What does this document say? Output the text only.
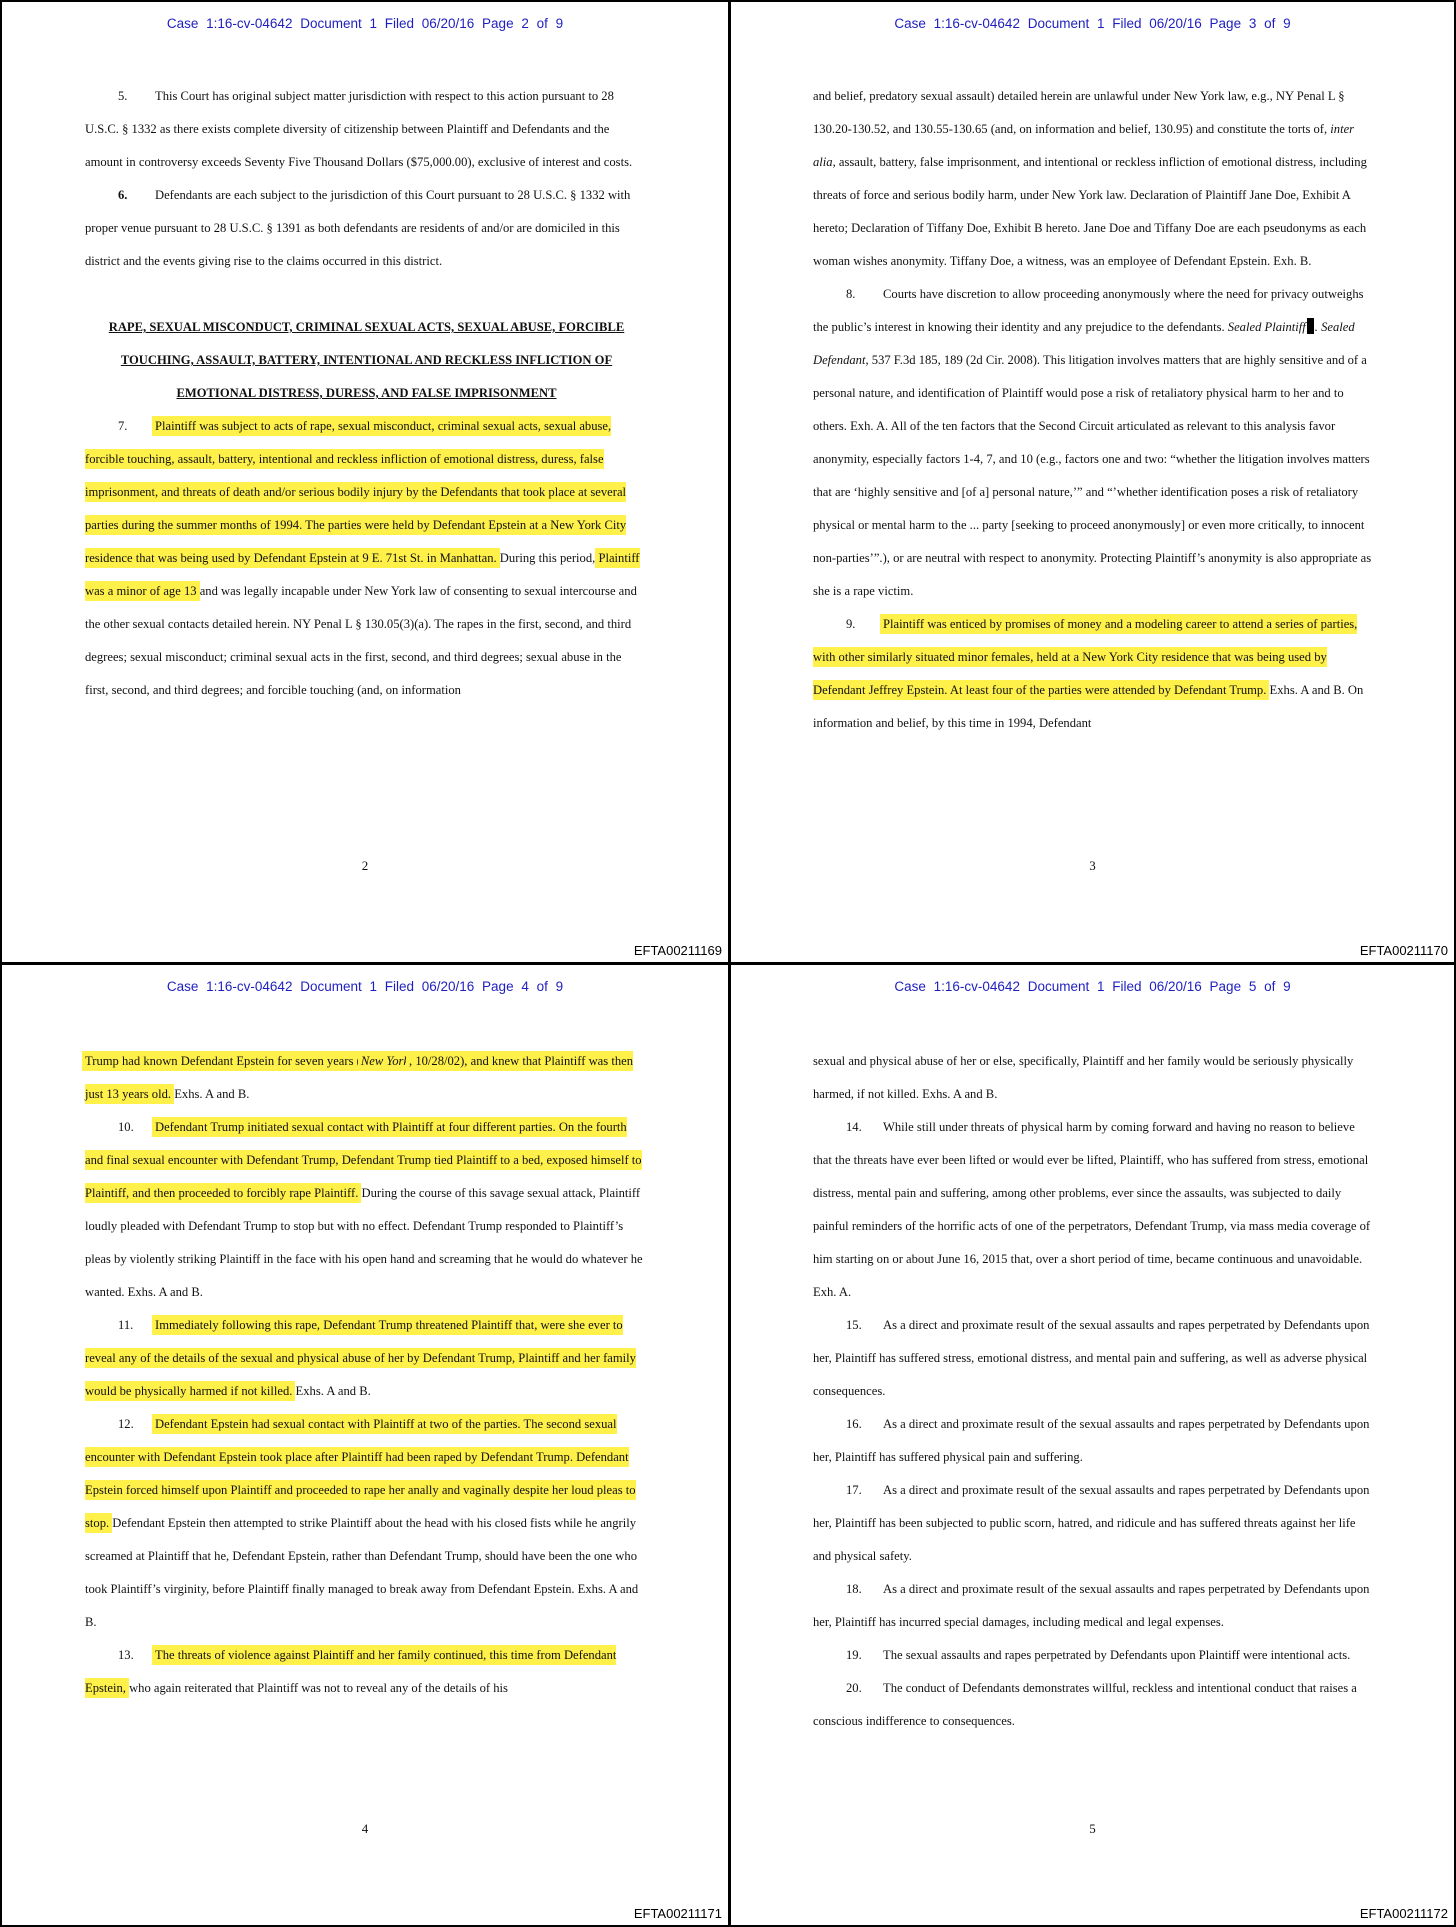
Case 1:16-cv-04642 Document 1 Filed 06/20/16 Page 2 of 9

5. This Court has original subject matter jurisdiction with respect to this action pursuant to 28 U.S.C. § 1332 as there exists complete diversity of citizenship between Plaintiff and Defendants and the amount in controversy exceeds Seventy Five Thousand Dollars ($75,000.00), exclusive of interest and costs.

6. Defendants are each subject to the jurisdiction of this Court pursuant to 28 U.S.C. § 1332 with proper venue pursuant to 28 U.S.C. § 1391 as both defendants are residents of and/or are domiciled in this district and the events giving rise to the claims occurred in this district.

RAPE, SEXUAL MISCONDUCT, CRIMINAL SEXUAL ACTS, SEXUAL ABUSE, FORCIBLE TOUCHING, ASSAULT, BATTERY, INTENTIONAL AND RECKLESS INFLICTION OF EMOTIONAL DISTRESS, DURESS, AND FALSE IMPRISONMENT

7. Plaintiff was subject to acts of rape, sexual misconduct, criminal sexual acts, sexual abuse, forcible touching, assault, battery, intentional and reckless infliction of emotional distress, duress, false imprisonment, and threats of death and/or serious bodily injury by the Defendants that took place at several parties during the summer months of 1994. The parties were held by Defendant Epstein at a New York City residence that was being used by Defendant Epstein at 9 E. 71st St. in Manhattan. During this period, Plaintiff was a minor of age 13 and was legally incapable under New York law of consenting to sexual intercourse and the other sexual contacts detailed herein. NY Penal L § 130.05(3)(a). The rapes in the first, second, and third degrees; sexual misconduct; criminal sexual acts in the first, second, and third degrees; sexual abuse in the first, second, and third degrees; and forcible touching (and, on information

2
EFTA00211169
Case 1:16-cv-04642 Document 1 Filed 06/20/16 Page 3 of 9

and belief, predatory sexual assault) detailed herein are unlawful under New York law, e.g., NY Penal L § 130.20-130.52, and 130.55-130.65 (and, on information and belief, 130.95) and constitute the torts of, inter alia, assault, battery, false imprisonment, and intentional or reckless infliction of emotional distress, including threats of force and serious bodily harm, under New York law. Declaration of Plaintiff Jane Doe, Exhibit A hereto; Declaration of Tiffany Doe, Exhibit B hereto. Jane Doe and Tiffany Doe are each pseudonyms as each woman wishes anonymity. Tiffany Doe, a witness, was an employee of Defendant Epstein. Exh. B.

8. Courts have discretion to allow proceeding anonymously where the need for privacy outweighs the public’s interest in knowing their identity and any prejudice to the defendants. Sealed Plaintiff . Sealed Defendant, 537 F.3d 185, 189 (2d Cir. 2008). This litigation involves matters that are highly sensitive and of a personal nature, and identification of Plaintiff would pose a risk of retaliatory physical harm to her and to others. Exh. A. All of the ten factors that the Second Circuit articulated as relevant to this analysis favor anonymity, especially factors 1-4, 7, and 10 (e.g., factors one and two: “whether the litigation involves matters that are ‘highly sensitive and [of a] personal nature,’” and “’whether identification poses a risk of retaliatory physical or mental harm to the ... party [seeking to proceed anonymously] or even more critically, to innocent non-parties’”.), or are neutral with respect to anonymity. Protecting Plaintiff’s anonymity is also appropriate as she is a rape victim.

9. Plaintiff was enticed by promises of money and a modeling career to attend a series of parties, with other similarly situated minor females, held at a New York City residence that was being used by Defendant Jeffrey Epstein. At least four of the parties were attended by Defendant Trump. Exhs. A and B. On information and belief, by this time in 1994, Defendant

3
EFTA00211170
Case 1:16-cv-04642 Document 1 Filed 06/20/16 Page 4 of 9

Trump had known Defendant Epstein for seven years (New York, 10/28/02), and knew that Plaintiff was then just 13 years old. Exhs. A and B.

10. Defendant Trump initiated sexual contact with Plaintiff at four different parties. On the fourth and final sexual encounter with Defendant Trump, Defendant Trump tied Plaintiff to a bed, exposed himself to Plaintiff, and then proceeded to forcibly rape Plaintiff. During the course of this savage sexual attack, Plaintiff loudly pleaded with Defendant Trump to stop but with no effect. Defendant Trump responded to Plaintiff’s pleas by violently striking Plaintiff in the face with his open hand and screaming that he would do whatever he wanted. Exhs. A and B.

11. Immediately following this rape, Defendant Trump threatened Plaintiff that, were she ever to reveal any of the details of the sexual and physical abuse of her by Defendant Trump, Plaintiff and her family would be physically harmed if not killed. Exhs. A and B.

12. Defendant Epstein had sexual contact with Plaintiff at two of the parties. The second sexual encounter with Defendant Epstein took place after Plaintiff had been raped by Defendant Trump. Defendant Epstein forced himself upon Plaintiff and proceeded to rape her anally and vaginally despite her loud pleas to stop. Defendant Epstein then attempted to strike Plaintiff about the head with his closed fists while he angrily screamed at Plaintiff that he, Defendant Epstein, rather than Defendant Trump, should have been the one who took Plaintiff’s virginity, before Plaintiff finally managed to break away from Defendant Epstein. Exhs. A and B.

13. The threats of violence against Plaintiff and her family continued, this time from Defendant Epstein, who again reiterated that Plaintiff was not to reveal any of the details of his

4
EFTA00211171
Case 1:16-cv-04642 Document 1 Filed 06/20/16 Page 5 of 9

sexual and physical abuse of her or else, specifically, Plaintiff and her family would be seriously physically harmed, if not killed. Exhs. A and B.

14. While still under threats of physical harm by coming forward and having no reason to believe that the threats have ever been lifted or would ever be lifted, Plaintiff, who has suffered from stress, emotional distress, mental pain and suffering, among other problems, ever since the assaults, was subjected to daily painful reminders of the horrific acts of one of the perpetrators, Defendant Trump, via mass media coverage of him starting on or about June 16, 2015 that, over a short period of time, became continuous and unavoidable. Exh. A.

15. As a direct and proximate result of the sexual assaults and rapes perpetrated by Defendants upon her, Plaintiff has suffered stress, emotional distress, and mental pain and suffering, as well as adverse physical consequences.

16. As a direct and proximate result of the sexual assaults and rapes perpetrated by Defendants upon her, Plaintiff has suffered physical pain and suffering.

17. As a direct and proximate result of the sexual assaults and rapes perpetrated by Defendants upon her, Plaintiff has been subjected to public scorn, hatred, and ridicule and has suffered threats against her life and physical safety.

18. As a direct and proximate result of the sexual assaults and rapes perpetrated by Defendants upon her, Plaintiff has incurred special damages, including medical and legal expenses.

19. The sexual assaults and rapes perpetrated by Defendants upon Plaintiff were intentional acts.

20. The conduct of Defendants demonstrates willful, reckless and intentional conduct that raises a conscious indifference to consequences.

5
EFTA00211172
